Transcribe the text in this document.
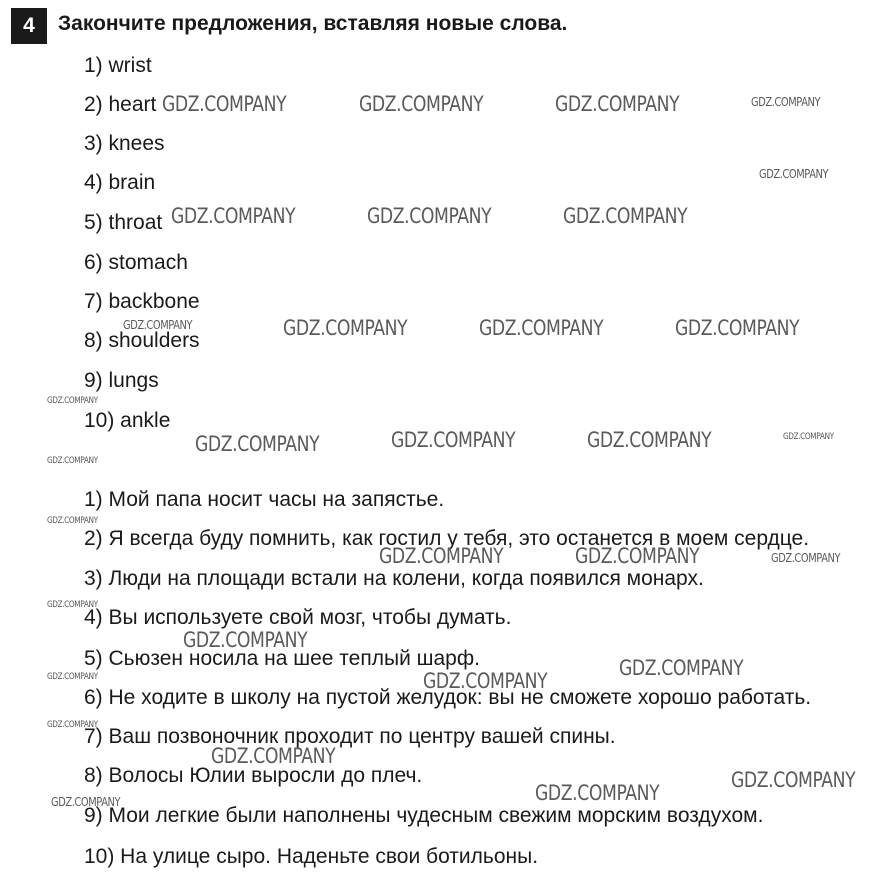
4	Закончите предложения, вставляя новые слова.
1) wrist
2) heart
3) knees
4) brain
5) throat
6) stomach
7) backbone
8) shoulders
9) lungs
10) ankle
1) Мой папа носит часы на запястье.
2) Я всегда буду помнить, как гостил у тебя, это останется в моем сердце.
3) Люди на площади встали на колени, когда появился монарх.
4) Вы используете свой мозг, чтобы думать.
5) Сьюзен носила на шее теплый шарф.
6) Не ходите в школу на пустой желудок: вы не сможете хорошо работать.
7) Ваш позвоночник проходит по центру вашей спины.
8) Волосы Юлии выросли до плеч.
9) Мои легкие были наполнены чудесным свежим морским воздухом.
10) На улице сыро. Наденьте свои ботильоны.
GDZ.COMPANY	GDZ.COMPANY	GDZ.COMPANY	GDZ.COMPANY
GDZ.COMPANY
GDZ.COMPANY	GDZ.COMPANY	GDZ.COMPANY
GDZ.COMPANY	GDZ.COMPANY	GDZ.COMPANY	GDZ.COMPANY
GDZ.COMPANY
GDZ.COMPANY	GDZ.COMPANY	GDZ.COMPANY	GDZ.COMPANY
GDZ.COMPANY
GDZ.COMPANY
GDZ.COMPANY	GDZ.COMPANY	GDZ.COMPANY
GDZ.COMPANY
GDZ.COMPANY
GDZ.COMPANY
GDZ.COMPANY	GDZ.COMPANY
GDZ.COMPANY
GDZ.COMPANY
GDZ.COMPANY
GDZ.COMPANY	GDZ.COMPANY
